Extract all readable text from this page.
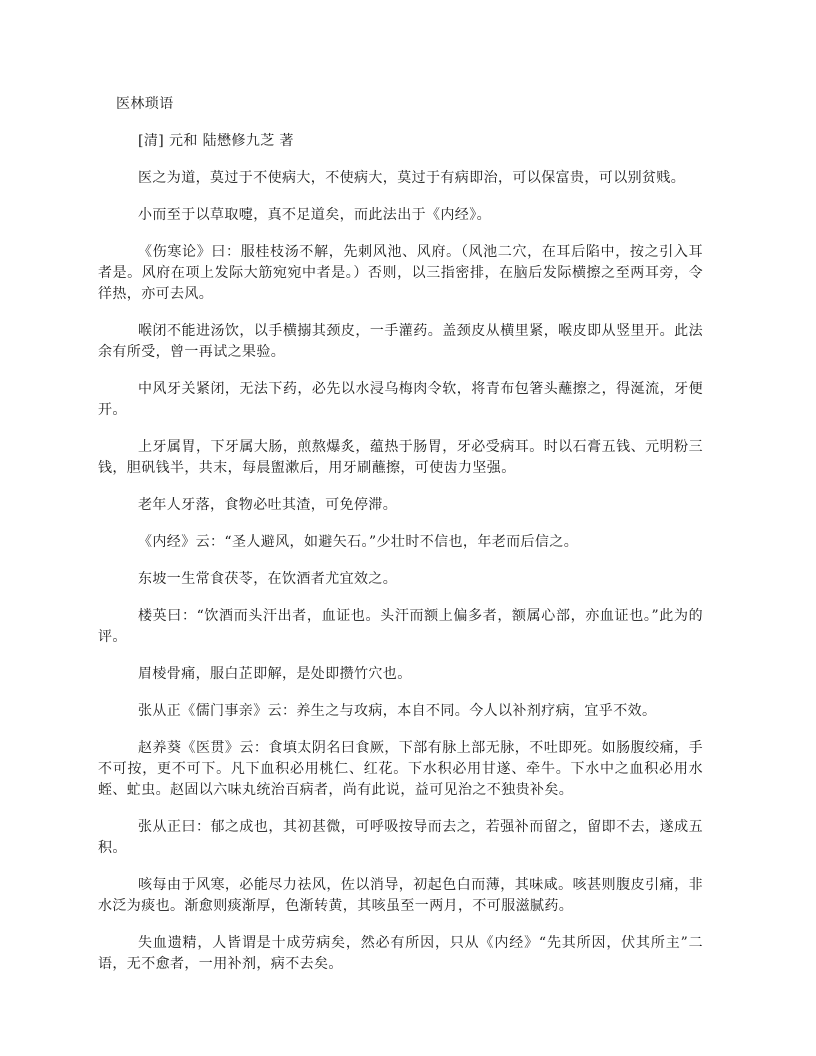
医林琐语

[清] 元和 陆懋修九芝 著

医之为道，莫过于不使病大，不使病大，莫过于有病即治，可以保富贵，可以别贫贱。

小而至于以草取嚏，真不足道矣，而此法出于《内经》。

《伤寒论》曰：服桂枝汤不解，先刺风池、风府。（风池二穴，在耳后陷中，按之引入耳者是。风府在项上发际大筋宛宛中者是。）否则，以三指密排，在脑后发际横擦之至两耳旁，令徉热，亦可去风。

喉闭不能进汤饮，以手横搦其颈皮，一手灌药。盖颈皮从横里紧，喉皮即从竖里开。此法余有所受，曾一再试之果验。

中风牙关紧闭，无法下药，必先以水浸乌梅肉令软，将青布包箸头蘸擦之，得涎流，牙便开。

上牙属胃，下牙属大肠，煎熬爆炙，蕴热于肠胃，牙必受病耳。时以石膏五钱、元明粉三钱，胆矾钱半，共末，每晨盥漱后，用牙刷蘸擦，可使齿力坚强。

老年人牙落，食物必吐其渣，可免停滞。

《内经》云：“圣人避风，如避矢石。”少壮时不信也，年老而后信之。

东坡一生常食茯苓，在饮酒者尤宜效之。

楼英曰：“饮酒而头汗出者，血证也。头汗而额上偏多者，额属心部，亦血证也。”此为的评。

眉棱骨痛，服白芷即解，是处即攒竹穴也。

张从正《儒门事亲》云：养生之与攻病，本自不同。今人以补剂疗病，宜乎不效。

赵养葵《医贯》云：食填太阴名曰食厥，下部有脉上部无脉，不吐即死。如肠腹绞痛，手不可按，更不可下。凡下血积必用桃仁、红花。下水积必用甘遂、牵牛。下水中之血积必用水蛭、虻虫。赵固以六味丸统治百病者，尚有此说，益可见治之不独贵补矣。

张从正曰：郁之成也，其初甚微，可呼吸按导而去之，若强补而留之，留即不去，遂成五积。

咳每由于风寒，必能尽力祛风，佐以消导，初起色白而薄，其味咸。咳甚则腹皮引痛，非水泛为痰也。渐愈则痰渐厚，色渐转黄，其咳虽至一两月，不可服滋腻药。

失血遗精，人皆谓是十成劳病矣，然必有所因，只从《内经》“先其所因，伏其所主”二语，无不愈者，一用补剂，病不去矣。
